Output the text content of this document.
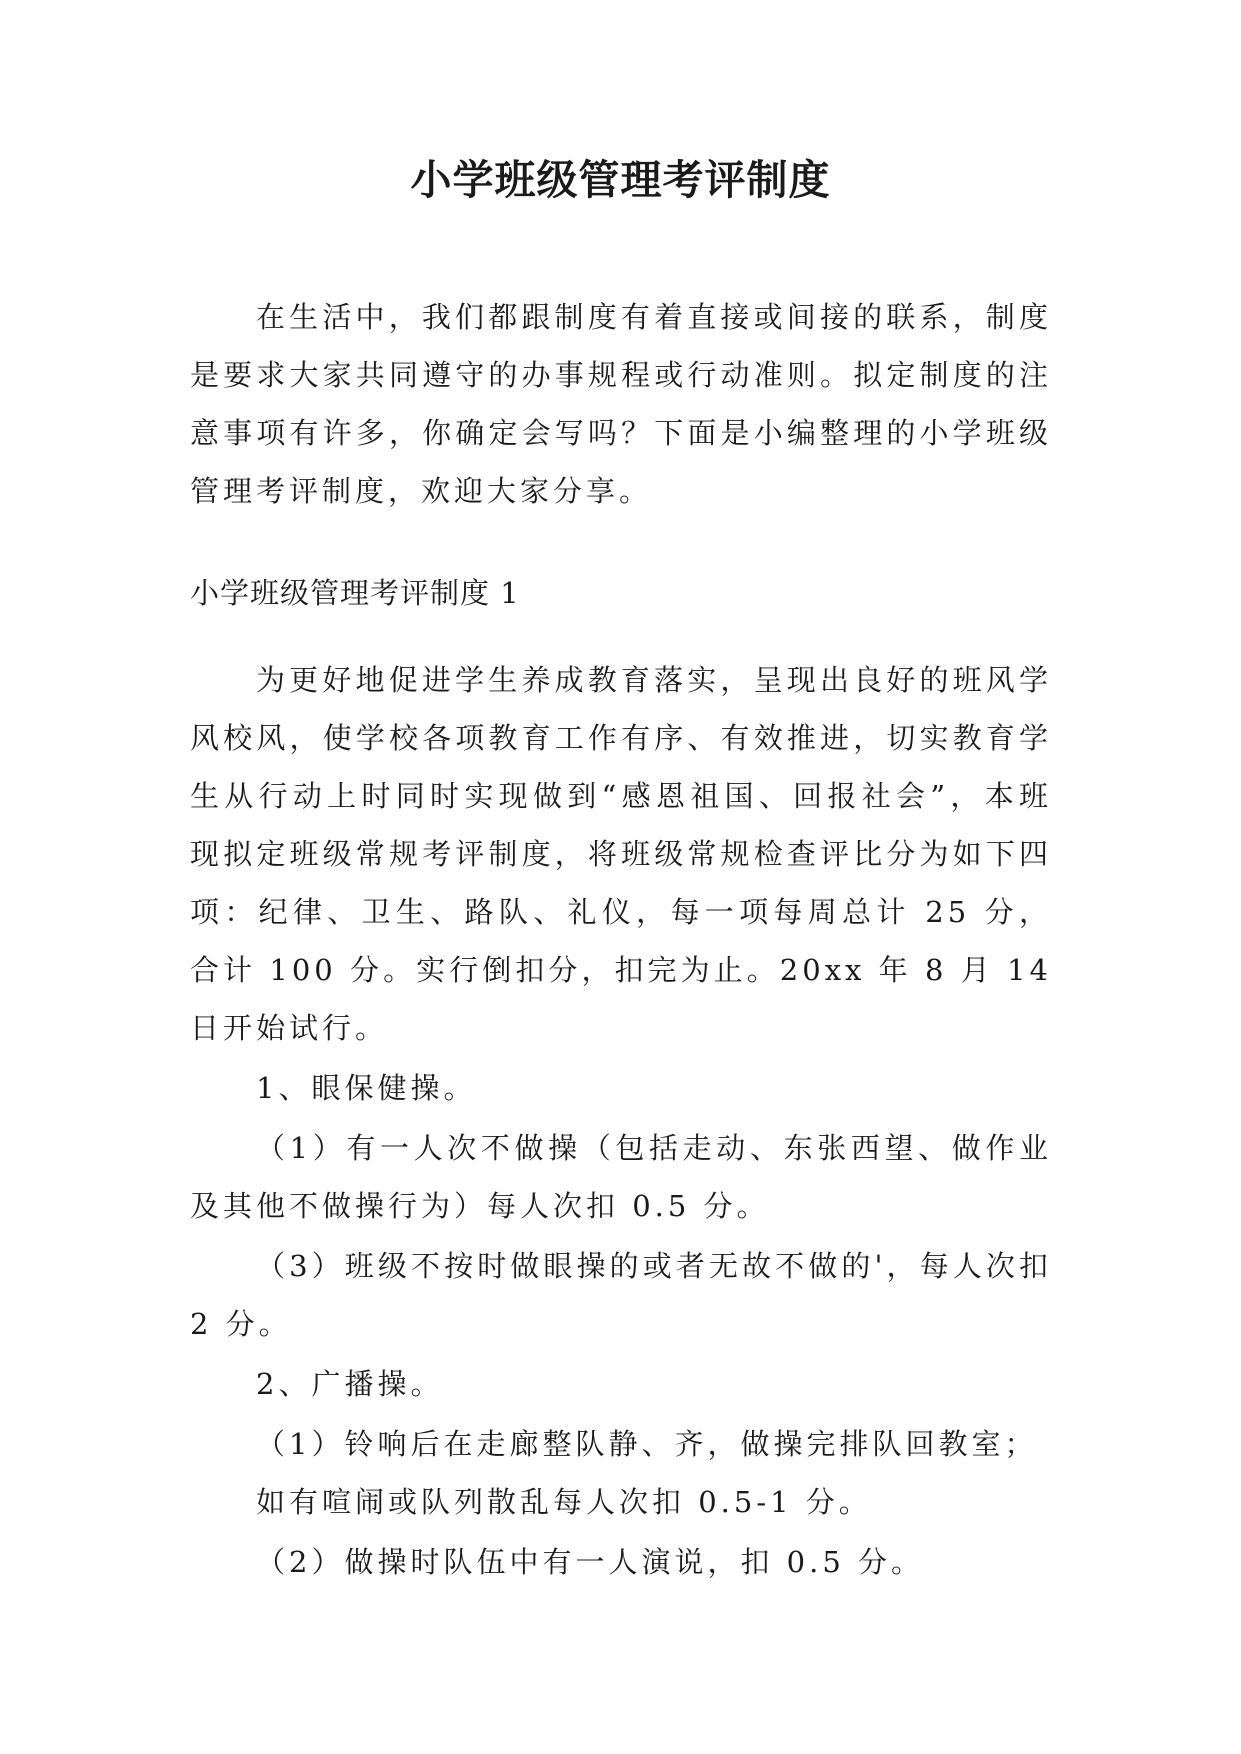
小学班级管理考评制度

在生活中，我们都跟制度有着直接或间接的联系，制度是要求大家共同遵守的办事规程或行动准则。拟定制度的注意事项有许多，你确定会写吗？下面是小编整理的小学班级管理考评制度，欢迎大家分享。

小学班级管理考评制度 1

为更好地促进学生养成教育落实，呈现出良好的班风学风校风，使学校各项教育工作有序、有效推进，切实教育学生从行动上时同时实现做到“感恩祖国、回报社会”，本班现拟定班级常规考评制度，将班级常规检查评比分为如下四项：纪律、卫生、路队、礼仪，每一项每周总计 25 分，合计 100 分。实行倒扣分，扣完为止。20xx 年 8 月 14 日开始试行。

1、眼保健操。

（1）有一人次不做操（包括走动、东张西望、做作业及其他不做操行为）每人次扣 0.5 分。

（3）班级不按时做眼操的或者无故不做的'，每人次扣 2 分。

2、广播操。

（1）铃响后在走廊整队静、齐，做操完排队回教室；

如有喧闹或队列散乱每人次扣 0.5-1 分。

（2）做操时队伍中有一人演说，扣 0.5 分。
